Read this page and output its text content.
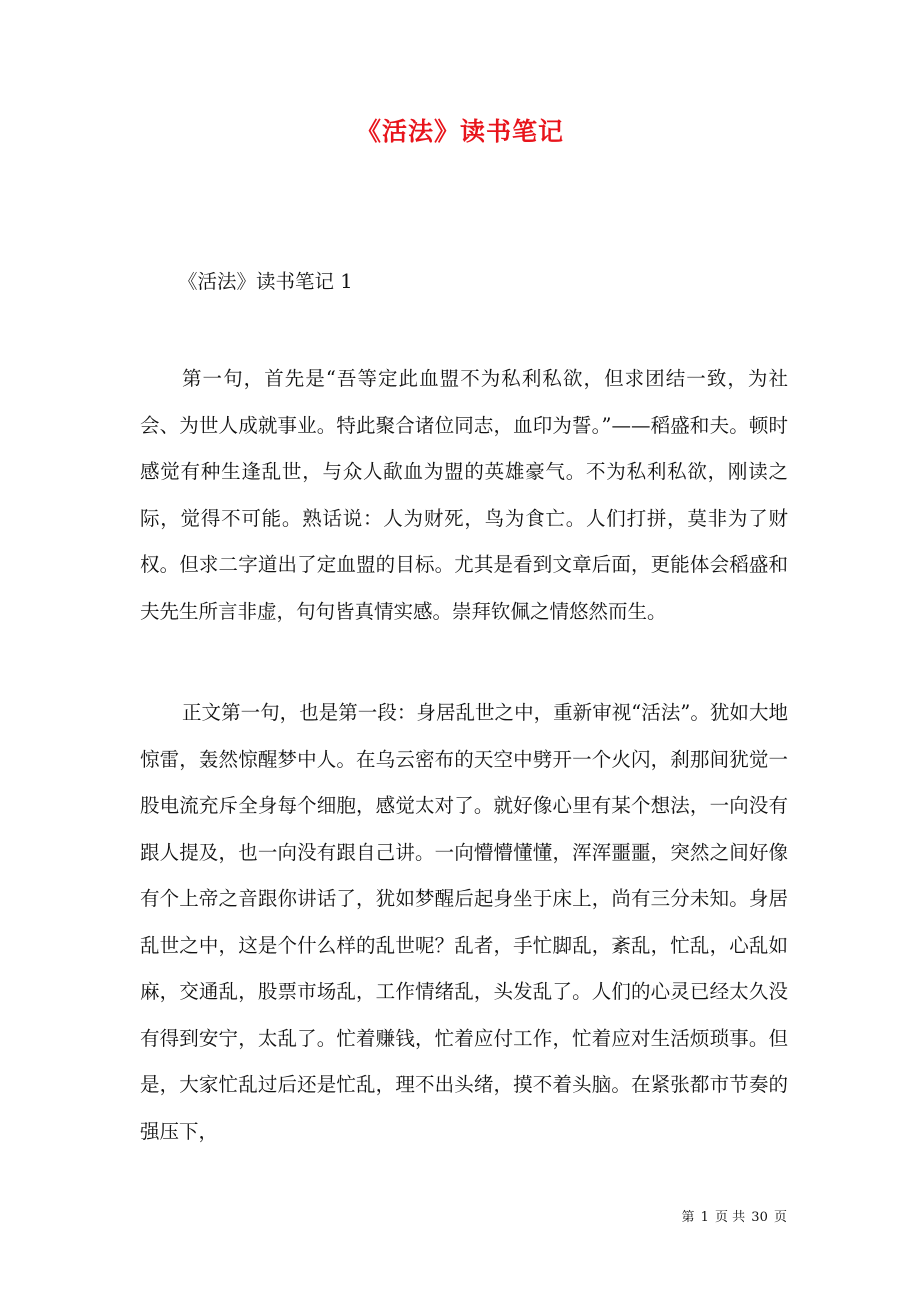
《活法》读书笔记

《活法》读书笔记 1

第一句，首先是“吾等定此血盟不为私利私欲，但求团结一致，为社会、为世人成就事业。特此聚合诸位同志，血印为誓。”——稻盛和夫。顿时感觉有种生逢乱世，与众人歃血为盟的英雄豪气。不为私利私欲，刚读之际，觉得不可能。熟话说：人为财死，鸟为食亡。人们打拼，莫非为了财权。但求二字道出了定血盟的目标。尤其是看到文章后面，更能体会稻盛和夫先生所言非虚，句句皆真情实感。崇拜钦佩之情悠然而生。

正文第一句，也是第一段：身居乱世之中，重新审视“活法”。犹如大地惊雷，轰然惊醒梦中人。在乌云密布的天空中劈开一个火闪，刹那间犹觉一股电流充斥全身每个细胞，感觉太对了。就好像心里有某个想法，一向没有跟人提及，也一向没有跟自己讲。一向懵懵懂懂，浑浑噩噩，突然之间好像有个上帝之音跟你讲话了，犹如梦醒后起身坐于床上，尚有三分未知。身居乱世之中，这是个什么样的乱世呢？乱者，手忙脚乱，紊乱，忙乱，心乱如麻，交通乱，股票市场乱，工作情绪乱，头发乱了。人们的心灵已经太久没有得到安宁，太乱了。忙着赚钱，忙着应付工作，忙着应对生活烦琐事。但是，大家忙乱过后还是忙乱，理不出头绪，摸不着头脑。在紧张都市节奏的强压下，

第 1 页 共 30 页
